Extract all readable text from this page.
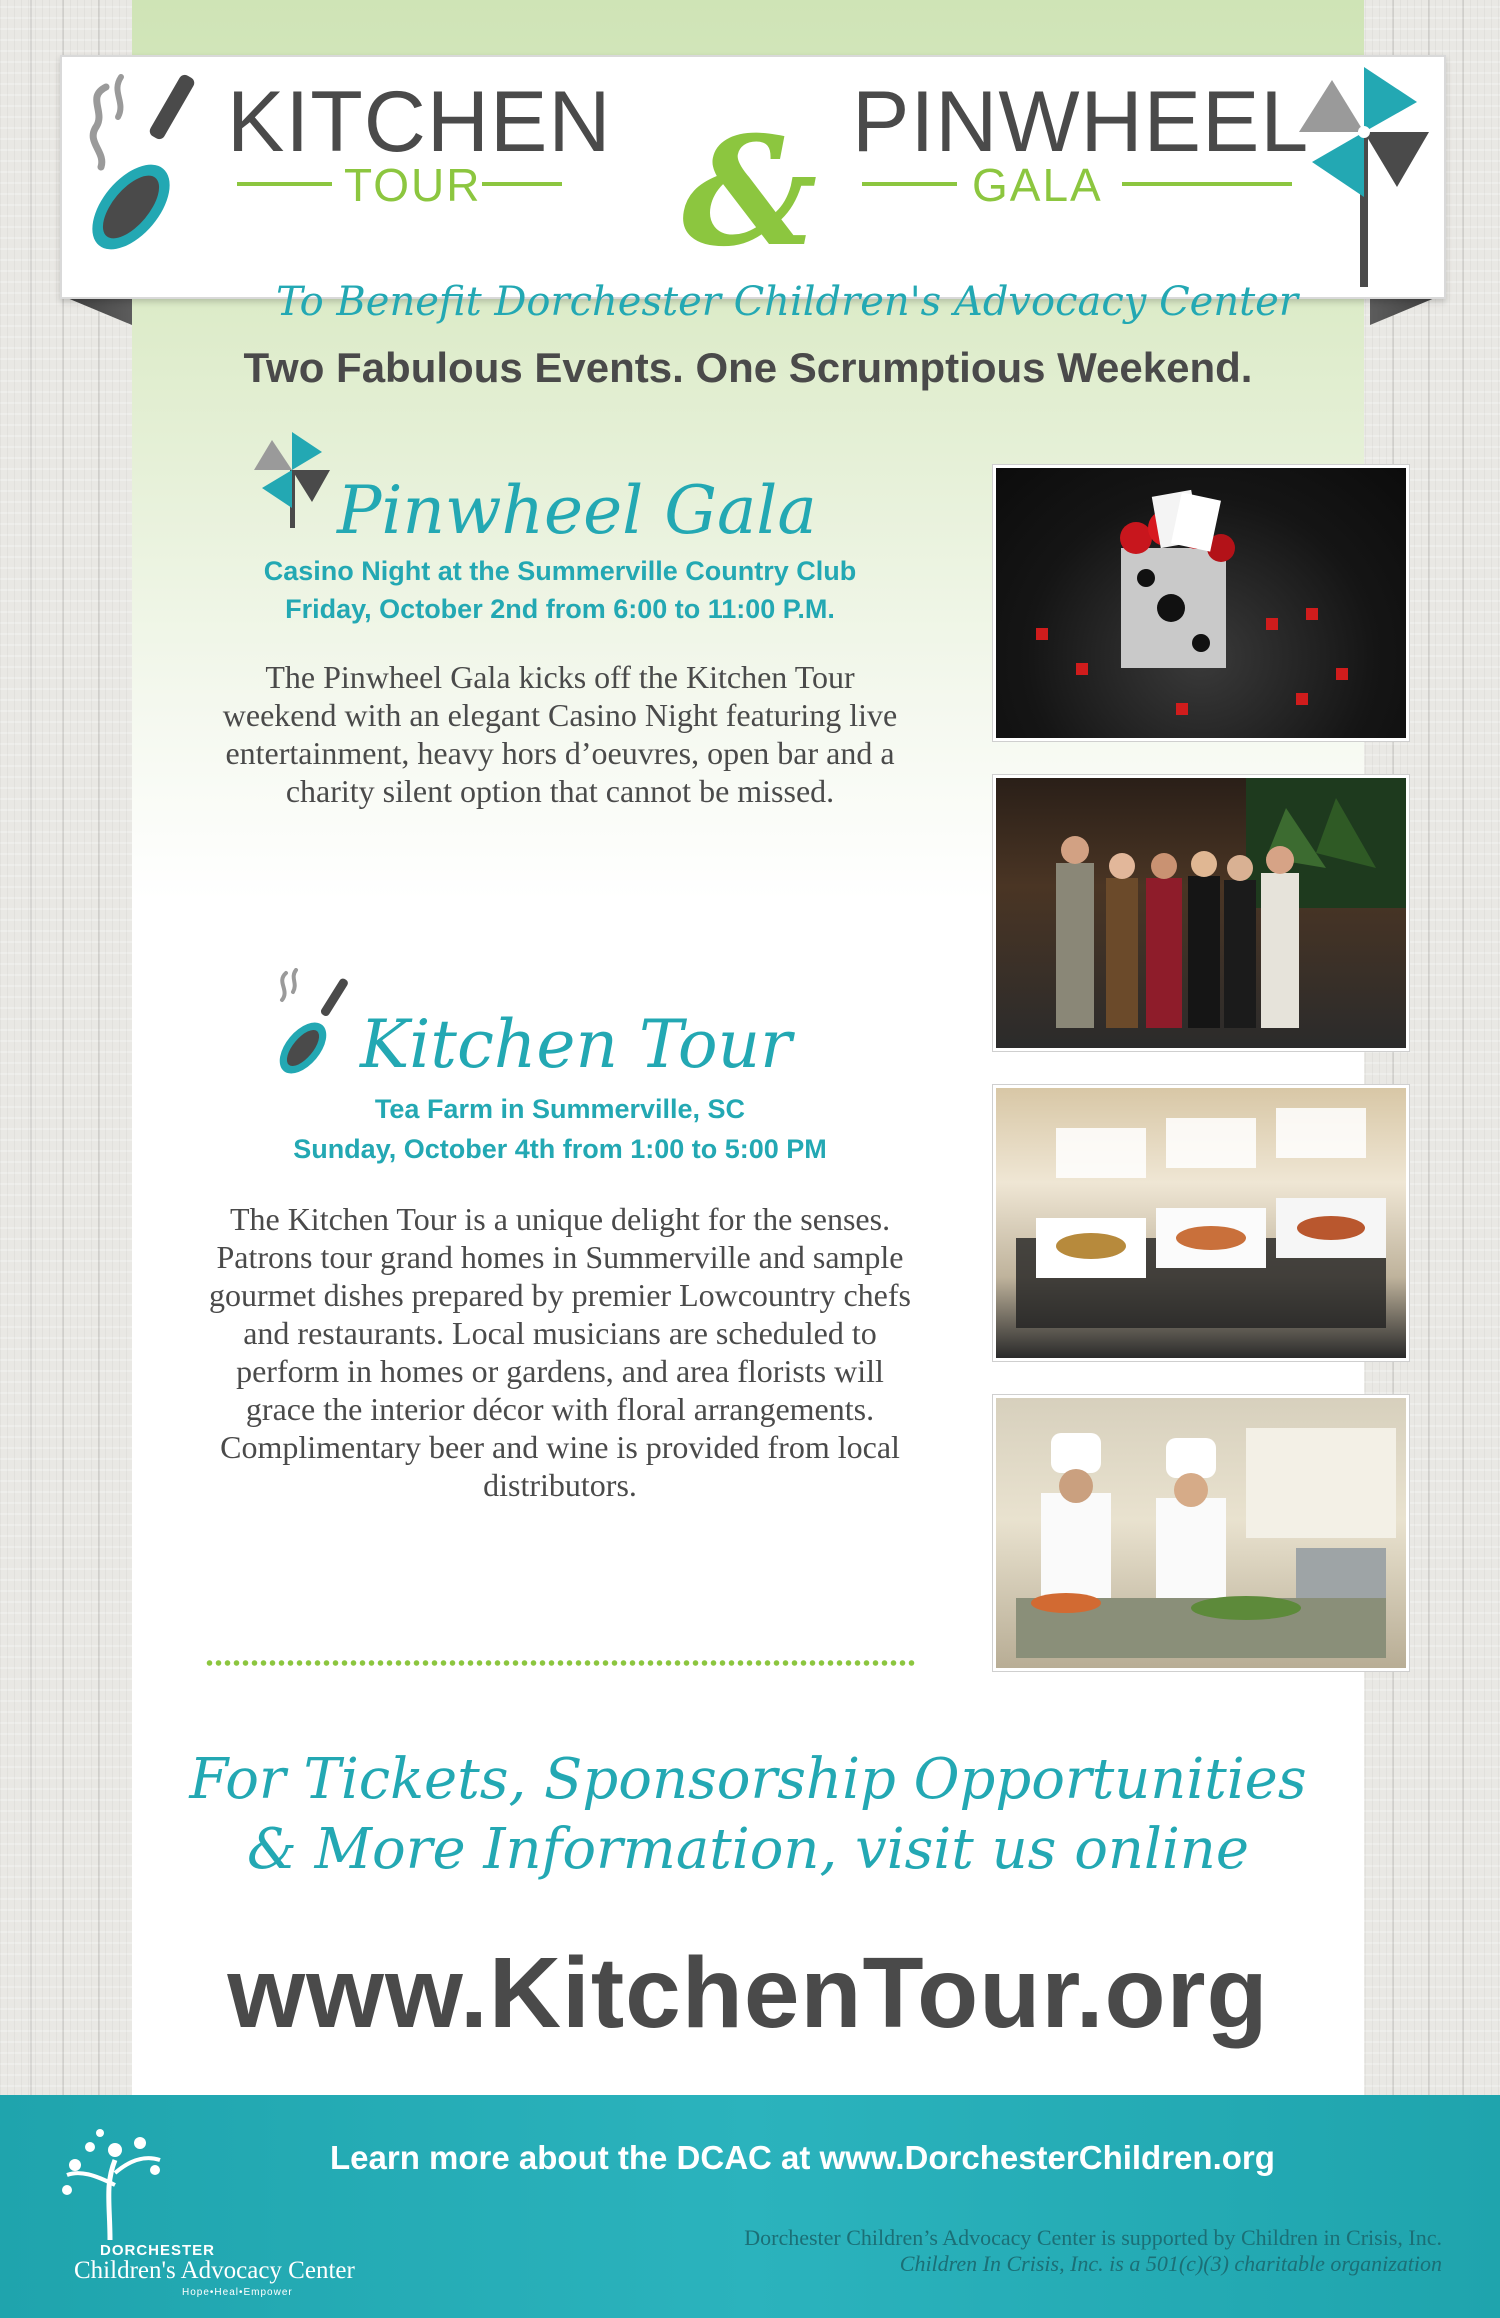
KITCHEN
TOUR & PINWHEEL
GALA
To Benefit Dorchester Children's Advocacy Center
Two Fabulous Events. One Scrumptious Weekend.
Pinwheel Gala
Casino Night at the Summerville Country Club
Friday, October 2nd from 6:00 to 11:00 P.M.
The Pinwheel Gala kicks off the Kitchen Tour weekend with an elegant Casino Night featuring live entertainment, heavy hors d’oeuvres, open bar and a charity silent option that cannot be missed.
Kitchen Tour
Tea Farm in Summerville, SC
Sunday, October 4th from 1:00 to 5:00 PM
The Kitchen Tour is a unique delight for the senses. Patrons tour grand homes in Summerville and sample gourmet dishes prepared by premier Lowcountry chefs and restaurants. Local musicians are scheduled to perform in homes or gardens, and area florists will grace the interior décor with floral arrangements. Complimentary beer and wine is provided from local distributors.
For Tickets, Sponsorship Opportunities
& More Information, visit us online
www.KitchenTour.org
DORCHESTER
Children's Advocacy Center
Hope•Heal•Empower
Learn more about the DCAC at www.DorchesterChildren.org
Dorchester Children’s Advocacy Center is supported by Children in Crisis, Inc.
Children In Crisis, Inc. is a 501(c)(3) charitable organization
